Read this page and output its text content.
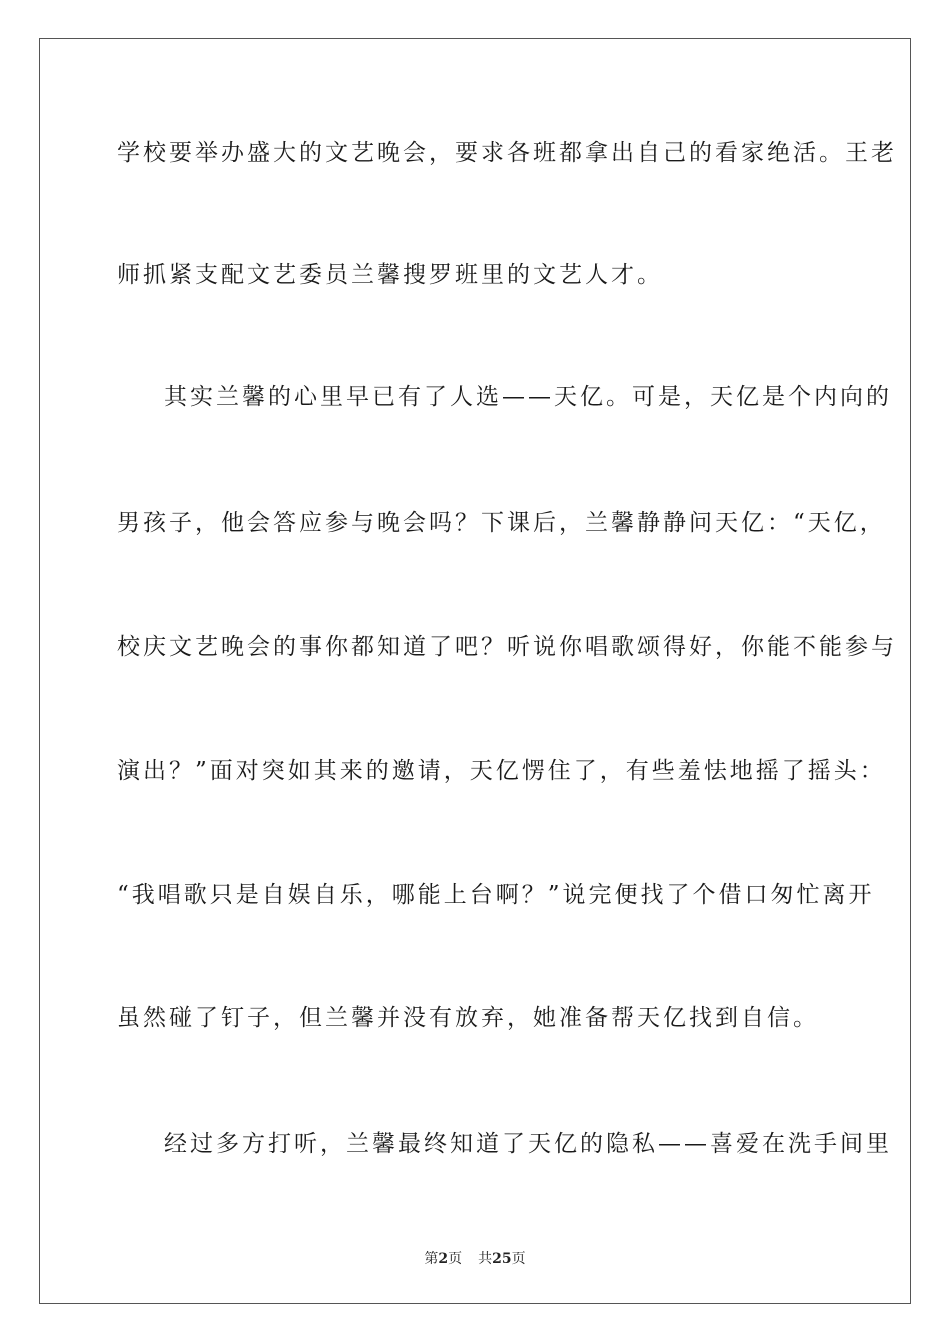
学校要举办盛大的文艺晚会，要求各班都拿出自己的看家绝活。王老
师抓紧支配文艺委员兰馨搜罗班里的文艺人才。
其实兰馨的心里早已有了人选——天亿。可是，天亿是个内向的
男孩子，他会答应参与晚会吗？下课后，兰馨静静问天亿：“天亿，
校庆文艺晚会的事你都知道了吧？听说你唱歌颂得好，你能不能参与
演出？”面对突如其来的邀请，天亿愣住了，有些羞怯地摇了摇头：
“我唱歌只是自娱自乐，哪能上台啊？”说完便找了个借口匆忙离开
虽然碰了钉子，但兰馨并没有放弃，她准备帮天亿找到自信。
经过多方打听，兰馨最终知道了天亿的隐私——喜爱在洗手间里
第2页 共25页
